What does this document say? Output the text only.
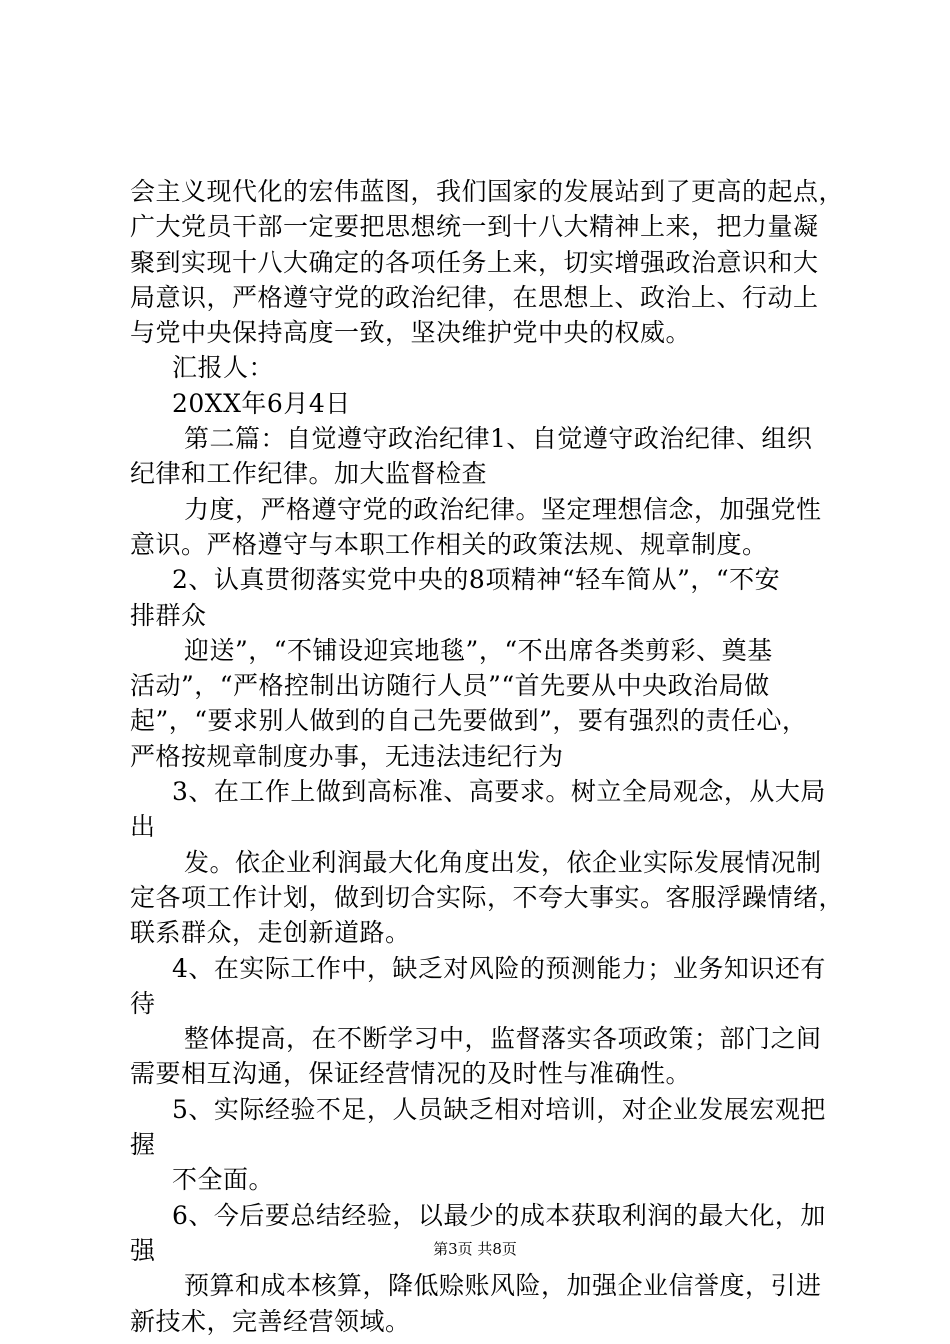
会主义现代化的宏伟蓝图，我们国家的发展站到了更高的起点，
广大党员干部一定要把思想统一到十八大精神上来，把力量凝
聚到实现十八大确定的各项任务上来，切实增强政治意识和大
局意识，严格遵守党的政治纪律，在思想上、政治上、行动上
与党中央保持高度一致，坚决维护党中央的权威。
汇报人：
20XX年6月4日
第二篇：自觉遵守政治纪律1、自觉遵守政治纪律、组织
纪律和工作纪律。加大监督检查
力度，严格遵守党的政治纪律。坚定理想信念，加强党性
意识。严格遵守与本职工作相关的政策法规、规章制度。
2、认真贯彻落实党中央的8项精神“轻车简从”，“不安
排群众
迎送”，“不铺设迎宾地毯”，“不出席各类剪彩、奠基
活动”，“严格控制出访随行人员”“首先要从中央政治局做
起”，“要求别人做到的自己先要做到”，要有强烈的责任心，
严格按规章制度办事，无违法违纪行为
3、在工作上做到高标准、高要求。树立全局观念，从大局
出
发。依企业利润最大化角度出发，依企业实际发展情况制
定各项工作计划，做到切合实际，不夸大事实。客服浮躁情绪，
联系群众，走创新道路。
4、在实际工作中，缺乏对风险的预测能力；业务知识还有
待
整体提高，在不断学习中，监督落实各项政策；部门之间
需要相互沟通，保证经营情况的及时性与准确性。
5、实际经验不足，人员缺乏相对培训，对企业发展宏观把
握
不全面。
6、今后要总结经验，以最少的成本获取利润的最大化，加
强
预算和成本核算，降低赊账风险，加强企业信誉度，引进
新技术，完善经营领域。
第3页 共8页
